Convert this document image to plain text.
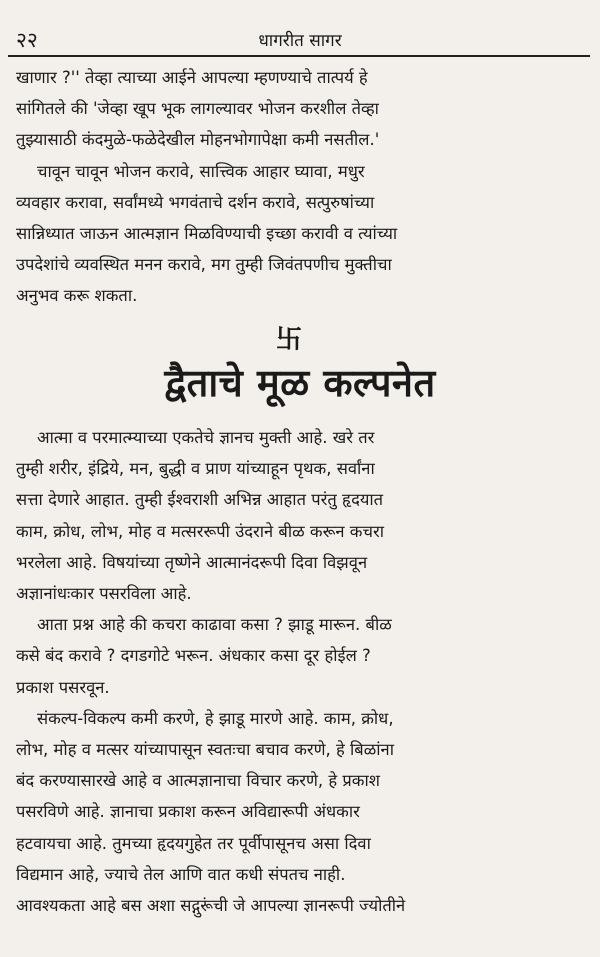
२२	धागरीत सागर

खाणार ?'' तेव्हा त्याच्या आईने आपल्या म्हणण्याचे तात्पर्य हे
सांगितले की 'जेव्हा खूप भूक लागल्यावर भोजन करशील तेव्हा
तुझ्यासाठी कंदमुळे-फळेदेखील मोहनभोगापेक्षा कमी नसतील.'

चावून चावून भोजन करावे, सात्त्विक आहार घ्यावा, मधुर
व्यवहार करावा, सर्वांमध्ये भगवंताचे दर्शन करावे, सत्पुरुषांच्या
सान्निध्यात जाऊन आत्मज्ञान मिळविण्याची इच्छा करावी व त्यांच्या
उपदेशांचे व्यवस्थित मनन करावे, मग तुम्ही जिवंतपणीच मुक्तीचा
अनुभव करू शकता.

卐
द्वैताचे मूळ कल्पनेत

आत्मा व परमात्म्याच्या एकतेचे ज्ञानच मुक्ती आहे. खरे तर
तुम्ही शरीर, इंद्रिये, मन, बुद्धी व प्राण यांच्याहून पृथक, सर्वांना
सत्ता देणारे आहात. तुम्ही ईश्वराशी अभिन्न आहात परंतु हृदयात
काम, क्रोध, लोभ, मोह व मत्सररूपी उंदराने बीळ करून कचरा
भरलेला आहे. विषयांच्या तृष्णेने आत्मानंदरूपी दिवा विझवून
अज्ञानांधःकार पसरविला आहे.

आता प्रश्न आहे की कचरा काढावा कसा ? झाडू मारून. बीळ
कसे बंद करावे ? दगडगोटे भरून. अंधकार कसा दूर होईल ?
प्रकाश पसरवून.

संकल्प-विकल्प कमी करणे, हे झाडू मारणे आहे. काम, क्रोध,
लोभ, मोह व मत्सर यांच्यापासून स्वतःचा बचाव करणे, हे बिळांना
बंद करण्यासारखे आहे व आत्मज्ञानाचा विचार करणे, हे प्रकाश
पसरविणे आहे. ज्ञानाचा प्रकाश करून अविद्यारूपी अंधकार
हटवायचा आहे. तुमच्या हृदयगुहेत तर पूर्वीपासूनच असा दिवा
विद्यमान आहे, ज्याचे तेल आणि वात कधी संपतच नाही.
आवश्यकता आहे बस अशा सद्गुरूंची जे आपल्या ज्ञानरूपी ज्योतीने
